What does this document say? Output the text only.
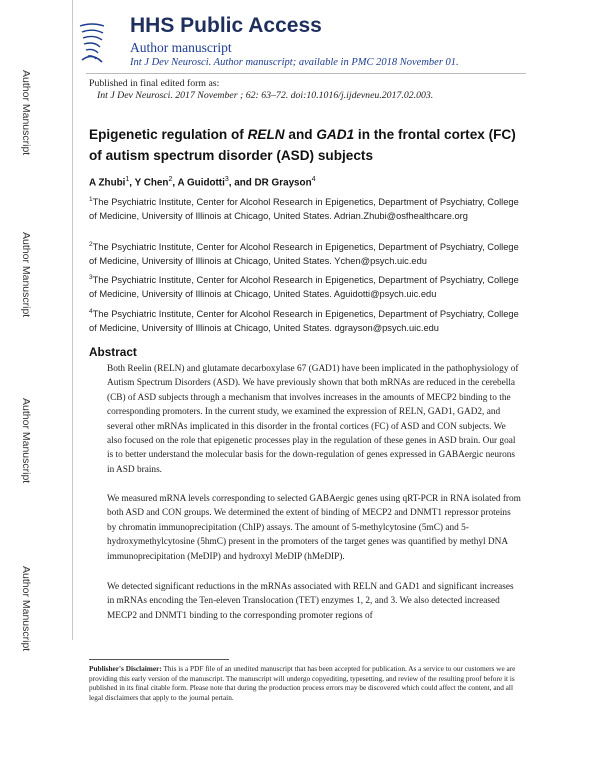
Author Manuscript
Author Manuscript
Author Manuscript
Author Manuscript
HHS Public Access
Author manuscript
Int J Dev Neurosci. Author manuscript; available in PMC 2018 November 01.
Published in final edited form as:
Int J Dev Neurosci. 2017 November ; 62: 63–72. doi:10.1016/j.ijdevneu.2017.02.003.
Epigenetic regulation of RELN and GAD1 in the frontal cortex (FC) of autism spectrum disorder (ASD) subjects
A Zhubi$^1$, Y Chen$^2$, A Guidotti$^3$, and DR Grayson$^4$
$^1$The Psychiatric Institute, Center for Alcohol Research in Epigenetics, Department of Psychiatry, College of Medicine, University of Illinois at Chicago, United States. Adrian.Zhubi@osfhealthcare.org
$^2$The Psychiatric Institute, Center for Alcohol Research in Epigenetics, Department of Psychiatry, College of Medicine, University of Illinois at Chicago, United States. Ychen@psych.uic.edu
$^3$The Psychiatric Institute, Center for Alcohol Research in Epigenetics, Department of Psychiatry, College of Medicine, University of Illinois at Chicago, United States. Aguidotti@psych.uic.edu
$^4$The Psychiatric Institute, Center for Alcohol Research in Epigenetics, Department of Psychiatry, College of Medicine, University of Illinois at Chicago, United States. dgrayson@psych.uic.edu
Abstract

Both Reelin (RELN) and glutamate decarboxylase 67 (GAD1) have been implicated in the pathophysiology of Autism Spectrum Disorders (ASD). We have previously shown that both mRNAs are reduced in the cerebella (CB) of ASD subjects through a mechanism that involves increases in the amounts of MECP2 binding to the corresponding promoters. In the current study, we examined the expression of RELN, GAD1, GAD2, and several other mRNAs implicated in this disorder in the frontal cortices (FC) of ASD and CON subjects. We also focused on the role that epigenetic processes play in the regulation of these genes in ASD brain. Our goal is to better understand the molecular basis for the down-regulation of genes expressed in GABAergic neurons in ASD brains.

We measured mRNA levels corresponding to selected GABAergic genes using qRT-PCR in RNA isolated from both ASD and CON groups. We determined the extent of binding of MECP2 and DNMT1 repressor proteins by chromatin immunoprecipitation (ChIP) assays. The amount of 5-methylcytosine (5mC) and 5-hydroxymethylcytosine (5hmC) present in the promoters of the target genes was quantified by methyl DNA immunoprecipitation (MeDIP) and hydroxyl MeDIP (hMeDIP).

We detected significant reductions in the mRNAs associated with RELN and GAD1 and significant increases in mRNAs encoding the Ten-eleven Translocation (TET) enzymes 1, 2, and 3. We also detected increased MECP2 and DNMT1 binding to the corresponding promoter regions of

Publisher's Disclaimer: This is a PDF file of an unedited manuscript that has been accepted for publication. As a service to our customers we are providing this early version of the manuscript. The manuscript will undergo copyediting, typesetting, and review of the resulting proof before it is published in its final citable form. Please note that during the production process errors may be discovered which could affect the content, and all legal disclaimers that apply to the journal pertain.
